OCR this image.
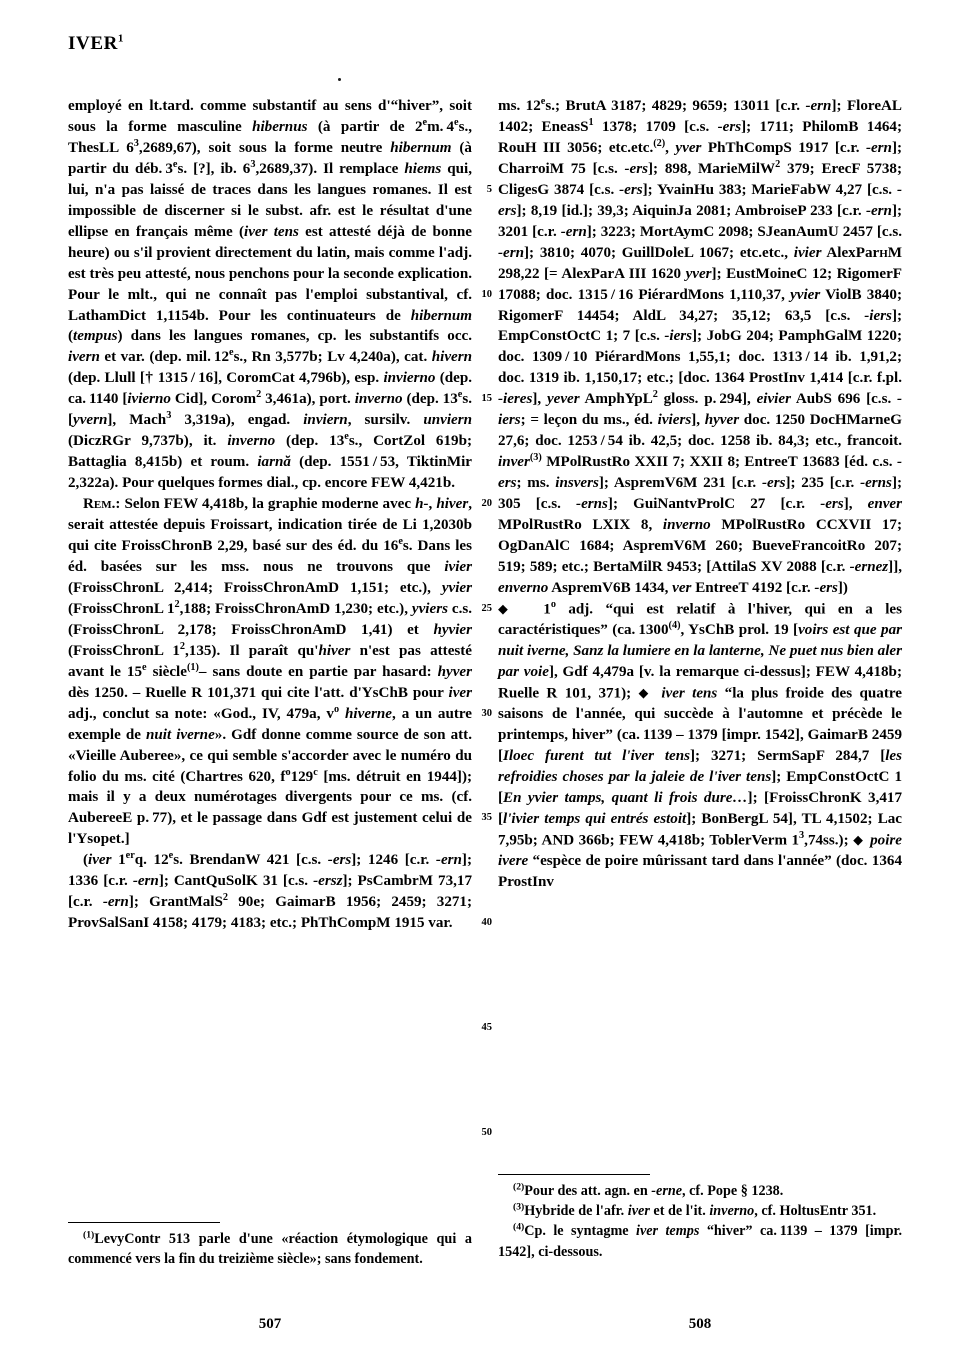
IVER$^1$

employé en lt.tard. comme substantif au sens d'“hiver”, soit sous la forme masculine hibernus (à partir de 2em. 4es., ThesLL $6^3,2689,67$), soit sous la forme neutre hibernum (à partir du déb. 3es. [?], ib. $6^3,2689,37$). Il remplace hiems qui, lui, n'a pas laissé de traces dans les langues romanes. Il est impossible de discerner si le subst. afr. est le résultat d'une ellipse en français même (iver tens est attesté déjà de bonne heure) ou s'il provient directement du latin, mais comme l'adj. est très peu attesté, nous penchons pour la seconde explication. Pour le mlt., qui ne connaît pas l'emploi substantival, cf. LathamDict 1,1154b. Pour les continuateurs de hibernum (tempus) dans les langues romanes, cp. les substantifs occ. ivern et var. (dep. mil. 12es., Rn 3,577b; Lv 4,240a), cat. hivern (dep. Llull [† 1315 / 16], CoromCat 4,796b), esp. invierno (dep. ca. 1140 [ivierno Cid], Corom$^2$ 3,461a), port. inverno (dep. 13es. [yvern], Mach$^3$ 3,319a), engad. inviern, sursilv. unviern (DiczRGr 9,737b), it. inverno (dep. 13es., CortZol 619b; Battaglia 8,415b) et roum. iarnă (dep. 1551 / 53, TiktinMir 2,322a). Pour quelques formes dial., cp. encore FEW 4,421b.

Rem.: Selon FEW 4,418b, la graphie moderne avec h-, hiver, serait attestée depuis Froissart, indication tirée de Li 1,2030b qui cite FroissChronB 2,29, basé sur des éd. du 16es. Dans les éd. basées sur les mss. nous ne trouvons que ivier (FroissChronL 2,414; FroissChronAmD 1,151; etc.), yvier (FroissChronL $1^2,188$; FroissChronAmD 1,230; etc.), yviers c.s. (FroissChronL 2,178; FroissChronAmD 1,41) et hyvier (FroissChronL $1^2,135$). Il paraît qu'hiver n'est pas attesté avant le 15e siècle$^{(1)}$– sans doute en partie par hasard: hyver dès 1250. – Ruelle R 101,371 qui cite l'att. d'YsChB pour iver adj., conclut sa note: «God., IV, 479a, $v^o$ hiverne, a un autre exemple de nuit iverne». Gdf donne comme source de son att. «Vieille Auberee», ce qui semble s'accorder avec le numéro du folio du ms. cité (Chartres 620, $f^o129^c$ [ms. détruit en 1944]); mais il y a deux numérotages divergents pour ce ms. (cf. AubereeE p. 77), et le passage dans Gdf est justement celui de l'Ysopet.]

(iver 1erq. 12es. BrendanW 421 [c.s. -ers]; 1246 [c.r. -ern]; 1336 [c.r. -ern]; CantQuSolK 31 [c.s. -ersz]; PsCambrM 73,17 [c.r. -ern]; GrantMalS$^2$ 90e; GaimarB 1956; 2459; 3271; ProvSalSanI 4158; 4179; 4183; etc.; PhThCompM 1915 var.

ms. 12es.; BrutA 3187; 4829; 9659; 13011 [c.r. -ern]; FloreAL 1402; EneasS$^1$ 1378; 1709 [c.s. -ers]; 1711; PhilomB 1464; RouH III 3056; etc.etc.$^{(2)}$, yver PhThCompS 1917 [c.r. -ern]; CharroiM 75 [c.s. -ers]; 898, MarieMilW$^2$ 379; ErecF 5738; CligesG 3874 [c.s. -ers]; YvainHu 383; MarieFabW 4,27 [c.s. -ers]; 8,19 [id.]; 39,3; AiquinJa 2081; AmbroiseP 233 [c.r. -ern]; 3201 [c.r. -ern]; 3223; MortAymC 2098; SJeanAumU 2457 [c.s. -ern]; 3810; 4070; GuillDoleL 1067; etc.etc., ivier AlexParhM 298,22 [= AlexParA III 1620 yver]; EustMoineC 12; RigomerF 17088; doc. 1315 / 16 PiérardMons 1,110,37, yvier ViolB 3840; RigomerF 14454; AldL 34,27; 35,12; 63,5 [c.s. -iers]; EmpConstOctC 1; 7 [c.s. -iers]; JobG 204; PamphGalM 1220; doc. 1309 / 10 PiérardMons 1,55,1; doc. 1313 / 14 ib. 1,91,2; doc. 1319 ib. 1,150,17; etc.; [doc. 1364 ProstInv 1,414 [c.r. f.pl. -ieres], yever AmphYpL$^2$ gloss. p. 294], eivier AubS 696 [c.s. -iers; = leçon du ms., éd. iviers], hyver doc. 1250 DocHMarneG 27,6; doc. 1253 / 54 ib. 42,5; doc. 1258 ib. 84,3; etc., francoit. inver$^{(3)}$ MPolRustRo XXII 7; XXII 8; EntreeT 13683 [éd. c.s. -ers; ms. insvers]; AspremV6M 231 [c.r. -ers]; 235 [c.r. -erns]; 305 [c.s. -erns]; GuiNantvProlC 27 [c.r. -ers], enver MPolRustRo LXIX 8, inverno MPolRustRo CCXVII 17; OgDanAlC 1684; AspremV6M 260; BueveFrancoitRo 207; 519; 589; etc.; BertaMilR 9453; [AttilaS XV 2088 [c.r. -ernez]], enverno AspremV6B 1434, ver EntreeT 4192 [c.r. -ers])

◆  1$^o$ adj. “qui est relatif à l'hiver, qui en a les caractéristiques” (ca. 1300$^{(4)}$, YsChB prol. 19 [voirs est que par nuit iverne, Sanz la lumiere en la lanterne, Ne puet nus bien aler par voie], Gdf 4,479a [v. la remarque ci-dessus]; FEW 4,418b; Ruelle R 101, 371); ◆ iver tens “la plus froide des quatre saisons de l'année, qui succède à l'automne et précède le printemps, hiver” (ca. 1139 – 1379 [impr. 1542], GaimarB 2459 [Iloec furent tut l'iver tens]; 3271; SermSapF 284,7 [les refroidies choses par la jaleie de l'iver tens]; EmpConstOctC 1 [En yvier tamps, quant li frois dure…]; [FroissChronK 3,417 [l'ivier temps qui entrés estoit]; BonBergL 54], TL 4,1502; Lac 7,95b; AND 366b; FEW 4,418b; ToblerVerm $1^3,74ss$.); ◆ poire ivere “espèce de poire mûrissant tard dans l'année” (doc. 1364 ProstInv

5
10
15
20
25
30
35
40
45
50

$^{(1)}$LevyContr 513 parle d'une «réaction étymologique qui a commencé vers la fin du treizième siècle»; sans fondement.

$^{(2)}$Pour des att. agn. en -erne, cf. Pope § 1238.

$^{(3)}$Hybride de l'afr. iver et de l'it. inverno, cf. HoltusEntr 351.

$^{(4)}$Cp. le syntagme iver temps “hiver” ca. 1139 – 1379 [impr. 1542], ci-dessous.

507	508
